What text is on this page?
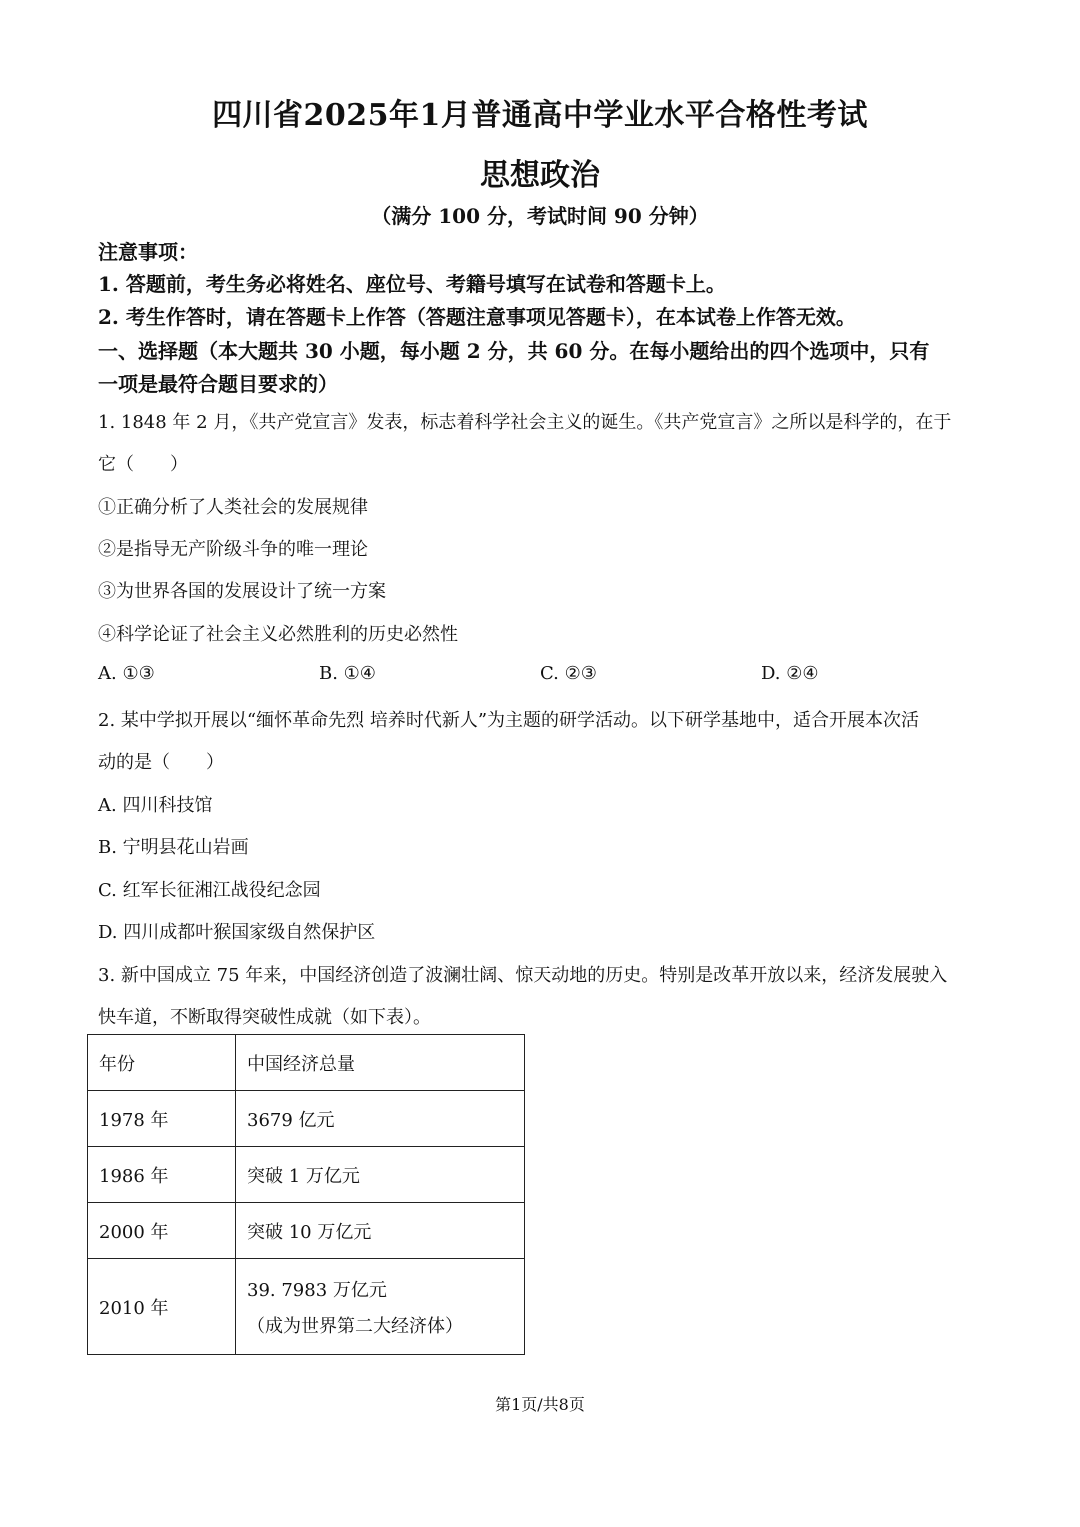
四川省2025年1月普通高中学业水平合格性考试
思想政治
（满分 100 分，考试时间 90 分钟）
注意事项：
1. 答题前，考生务必将姓名、座位号、考籍号填写在试卷和答题卡上。
2. 考生作答时，请在答题卡上作答（答题注意事项见答题卡），在本试卷上作答无效。
一、选择题（本大题共 30 小题，每小题 2 分，共 60 分。在每小题给出的四个选项中，只有
一项是最符合题目要求的）
1. 1848 年 2 月，《共产党宣言》发表，标志着科学社会主义的诞生。《共产党宣言》之所以是科学的，在于
它（　　）
①正确分析了人类社会的发展规律
②是指导无产阶级斗争的唯一理论
③为世界各国的发展设计了统一方案
④科学论证了社会主义必然胜利的历史必然性
A. ①③	B. ①④	C. ②③	D. ②④
2. 某中学拟开展以“缅怀革命先烈 培养时代新人”为主题的研学活动。以下研学基地中，适合开展本次活
动的是（　　）
A. 四川科技馆
B. 宁明县花山岩画
C. 红军长征湘江战役纪念园
D. 四川成都叶猴国家级自然保护区
3. 新中国成立 75 年来，中国经济创造了波澜壮阔、惊天动地的历史。特别是改革开放以来，经济发展驶入
快车道，不断取得突破性成就（如下表）。
年份	中国经济总量
1978 年	3679 亿元
1986 年	突破 1 万亿元
2000 年	突破 10 万亿元
2010 年	39. 7983 万亿元
（成为世界第二大经济体）
第1页/共8页
